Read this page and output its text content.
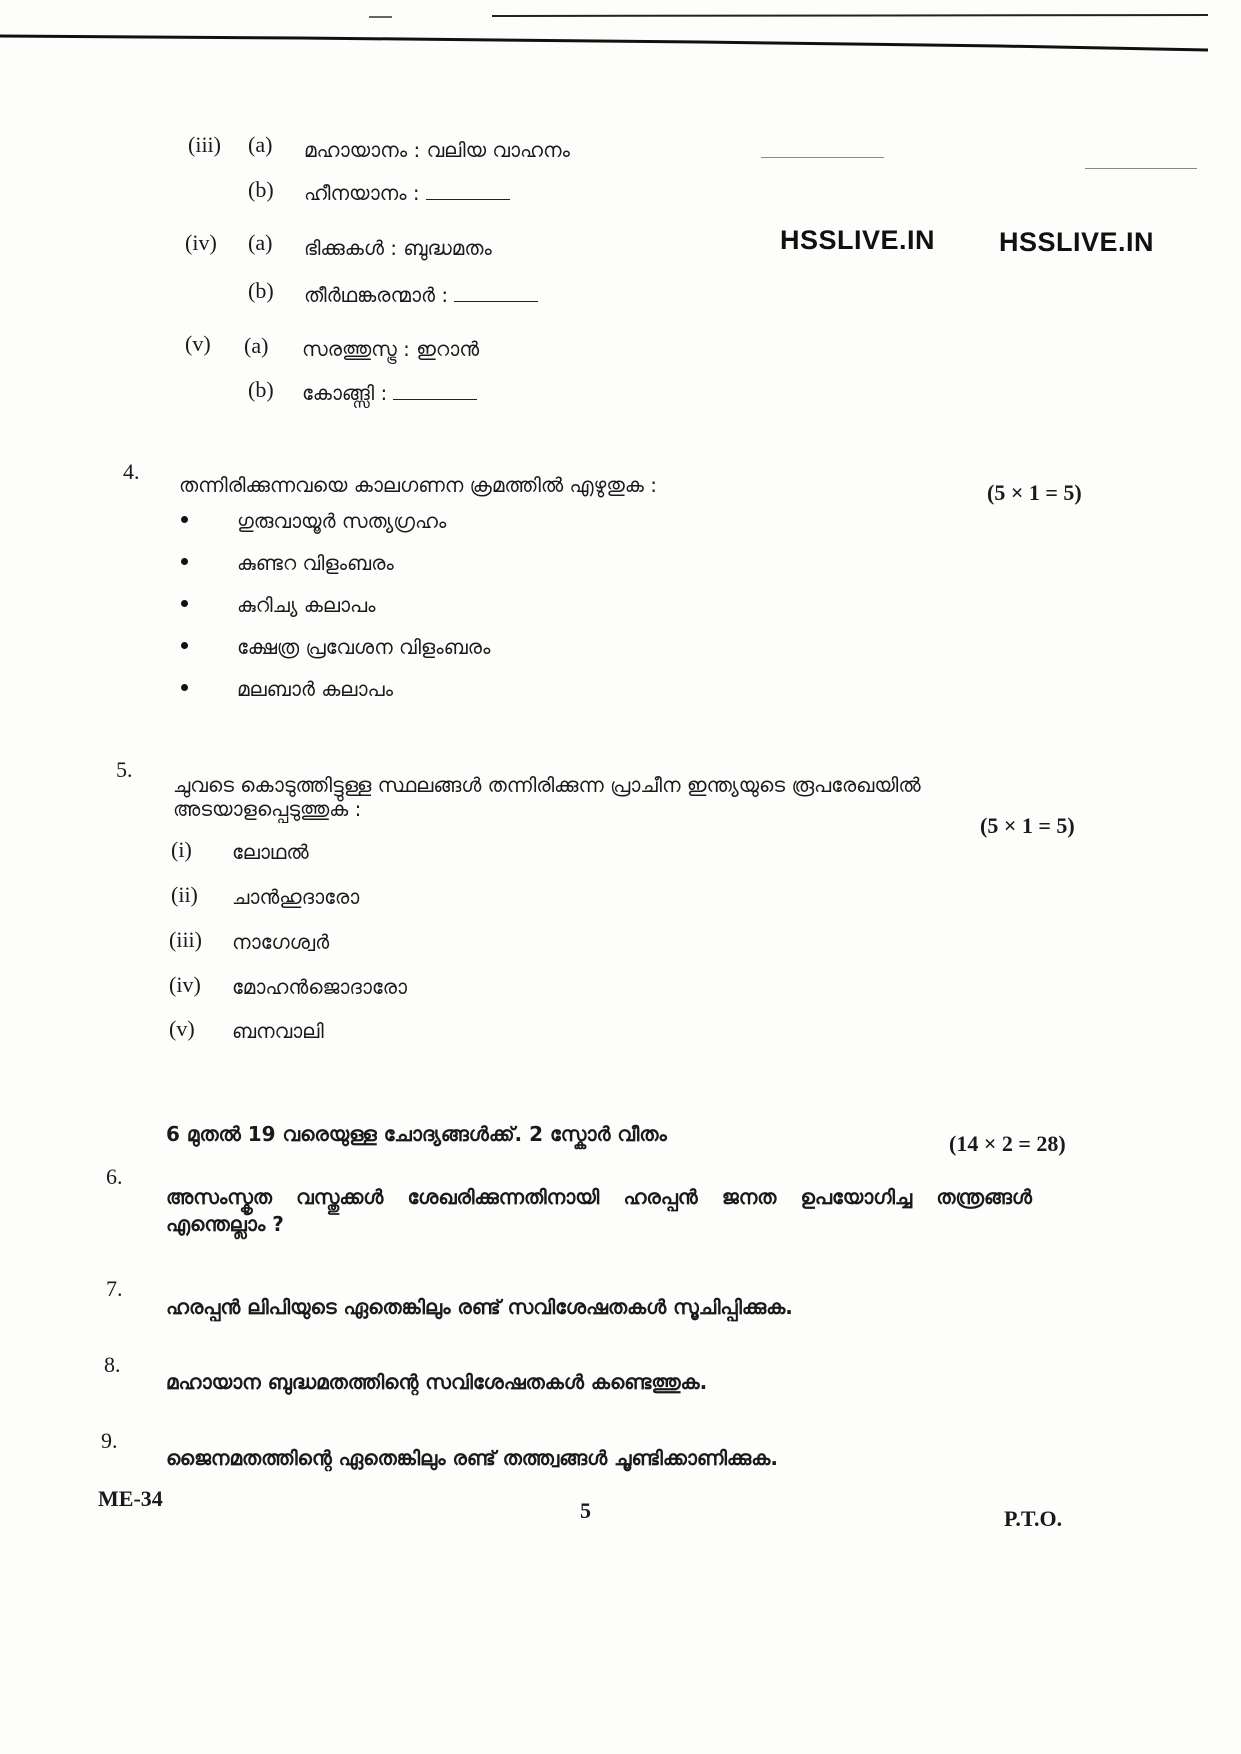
HSSLIVE.IN HSSLIVE.IN
(iii) (a) മഹായാനം : വലിയ വാഹനം
(b) ഹീനയാനം :
(iv) (a) ഭിക്കുകൾ : ബുദ്ധമതം
(b) തീർഥങ്കരന്മാർ :
(v) (a) സരത്തുസ്ട്ര : ഇറാൻ
(b) കോങ്ങ്സി :
4.
തന്നിരിക്കുന്നവയെ കാലഗണന ക്രമത്തിൽ എഴുതുക :	(5 × 1 = 5)
ഗുരുവായൂർ സത്യഗ്രഹം
കുണ്ടറ വിളംബരം
കുറിച്യ കലാപം
ക്ഷേത്ര പ്രവേശന വിളംബരം
മലബാർ കലാപം
5.
ചുവടെ കൊടുത്തിട്ടുള്ള സ്ഥലങ്ങൾ തന്നിരിക്കുന്ന പ്രാചീന ഇന്ത്യയുടെ രൂപരേഖയിൽ അടയാളപ്പെടുത്തുക :
(5 × 1 = 5)
(i) ലോഥൽ
(ii) ചാൻഹുദാരോ
(iii) നാഗേശ്വർ
(iv) മോഹൻജൊദാരോ
(v) ബനവാലി
6 മുതൽ 19 വരെയുള്ള ചോദ്യങ്ങൾക്ക്. 2 സ്കോർ വീതം	(14 × 2 = 28)
6.
അസംസ്കൃത വസ്തുക്കൾ ശേഖരിക്കുന്നതിനായി ഹരപ്പൻ ജനത ഉപയോഗിച്ച തന്ത്രങ്ങൾ എന്തെല്ലാം ?
7.
ഹരപ്പൻ ലിപിയുടെ ഏതെങ്കിലും രണ്ട് സവിശേഷതകൾ സൂചിപ്പിക്കുക.
8.
മഹായാന ബുദ്ധമതത്തിന്റെ സവിശേഷതകൾ കണ്ടെത്തുക.
9.
ജൈനമതത്തിന്റെ ഏതെങ്കിലും രണ്ട് തത്ത്വങ്ങൾ ചൂണ്ടിക്കാണിക്കുക.
ME-34	5	P.T.O.
